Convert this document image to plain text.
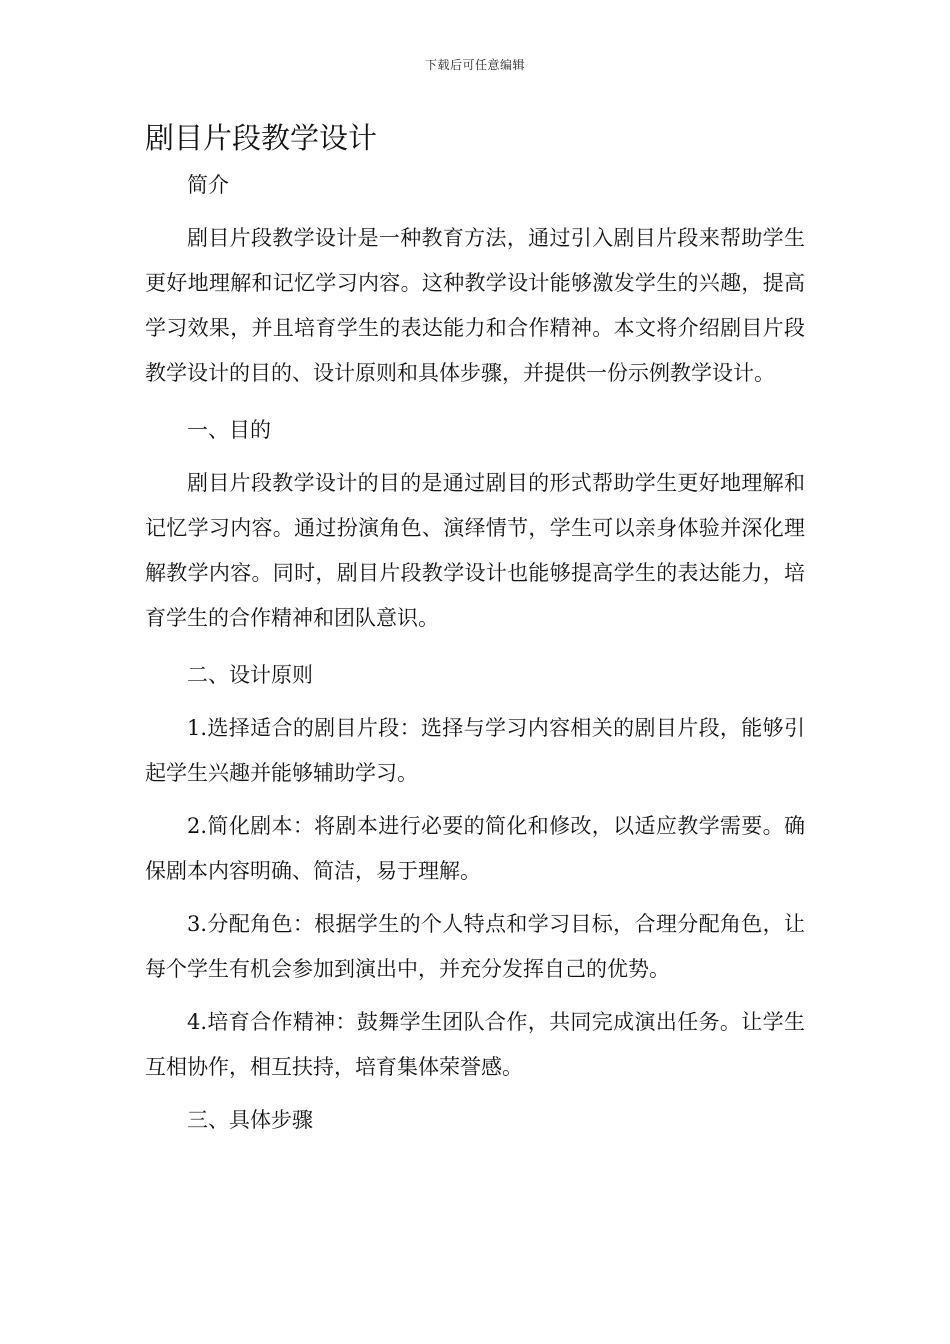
下载后可任意编辑
剧目片段教学设计

简介

剧目片段教学设计是一种教育方法，通过引入剧目片段来帮助学生更好地理解和记忆学习内容。这种教学设计能够激发学生的兴趣，提高学习效果，并且培育学生的表达能力和合作精神。本文将介绍剧目片段教学设计的目的、设计原则和具体步骤，并提供一份示例教学设计。

一、目的

剧目片段教学设计的目的是通过剧目的形式帮助学生更好地理解和记忆学习内容。通过扮演角色、演绎情节，学生可以亲身体验并深化理解教学内容。同时，剧目片段教学设计也能够提高学生的表达能力，培育学生的合作精神和团队意识。

二、设计原则

1.选择适合的剧目片段：选择与学习内容相关的剧目片段，能够引起学生兴趣并能够辅助学习。

2.简化剧本：将剧本进行必要的简化和修改，以适应教学需要。确保剧本内容明确、简洁，易于理解。

3.分配角色：根据学生的个人特点和学习目标，合理分配角色，让每个学生有机会参加到演出中，并充分发挥自己的优势。

4.培育合作精神：鼓舞学生团队合作，共同完成演出任务。让学生互相协作，相互扶持，培育集体荣誉感。

三、具体步骤
